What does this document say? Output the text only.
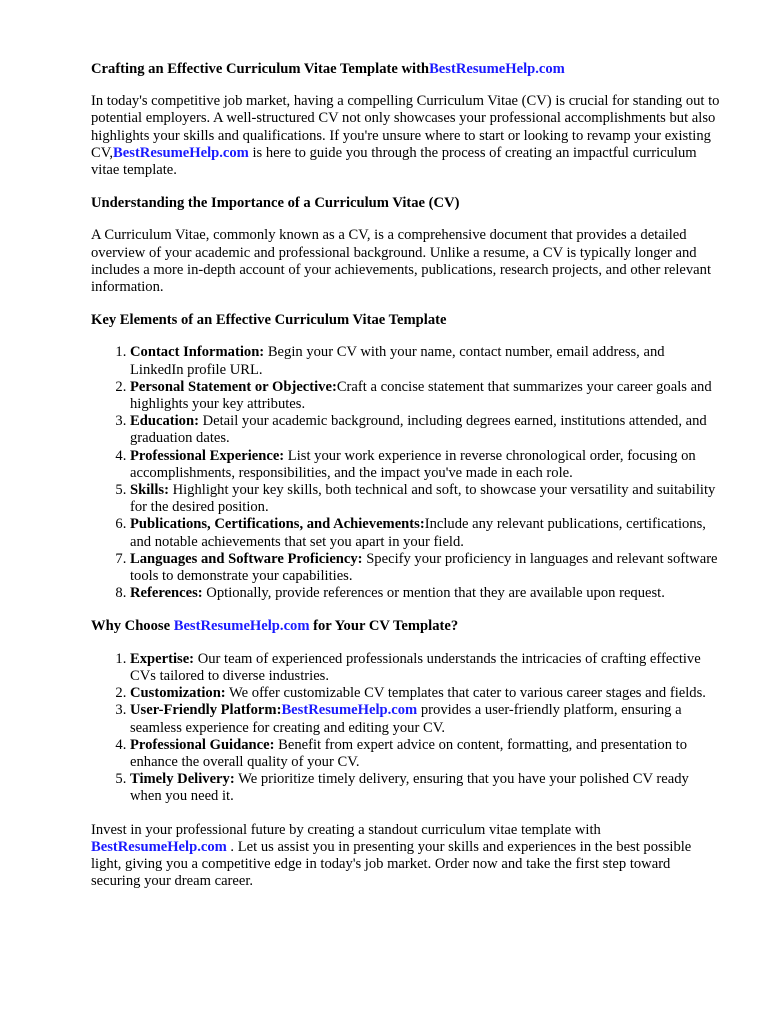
Crafting an Effective Curriculum Vitae Template withBestResumeHelp.com

In today's competitive job market, having a compelling Curriculum Vitae (CV) is crucial for standing out to potential employers. A well-structured CV not only showcases your professional accomplishments but also highlights your skills and qualifications. If you're unsure where to start or looking to revamp your existing CV,BestResumeHelp.com is here to guide you through the process of creating an impactful curriculum vitae template.

Understanding the Importance of a Curriculum Vitae (CV)

A Curriculum Vitae, commonly known as a CV, is a comprehensive document that provides a detailed overview of your academic and professional background. Unlike a resume, a CV is typically longer and includes a more in-depth account of your achievements, publications, research projects, and other relevant information.

Key Elements of an Effective Curriculum Vitae Template

1. Contact Information: Begin your CV with your name, contact number, email address, and LinkedIn profile URL.
2. Personal Statement or Objective:Craft a concise statement that summarizes your career goals and highlights your key attributes.
3. Education: Detail your academic background, including degrees earned, institutions attended, and graduation dates.
4. Professional Experience: List your work experience in reverse chronological order, focusing on accomplishments, responsibilities, and the impact you've made in each role.
5. Skills: Highlight your key skills, both technical and soft, to showcase your versatility and suitability for the desired position.
6. Publications, Certifications, and Achievements:Include any relevant publications, certifications, and notable achievements that set you apart in your field.
7. Languages and Software Proficiency: Specify your proficiency in languages and relevant software tools to demonstrate your capabilities.
8. References: Optionally, provide references or mention that they are available upon request.

Why Choose BestResumeHelp.com for Your CV Template?

1. Expertise: Our team of experienced professionals understands the intricacies of crafting effective CVs tailored to diverse industries.
2. Customization: We offer customizable CV templates that cater to various career stages and fields.
3. User-Friendly Platform:BestResumeHelp.com provides a user-friendly platform, ensuring a seamless experience for creating and editing your CV.
4. Professional Guidance: Benefit from expert advice on content, formatting, and presentation to enhance the overall quality of your CV.
5. Timely Delivery: We prioritize timely delivery, ensuring that you have your polished CV ready when you need it.

Invest in your professional future by creating a standout curriculum vitae template with BestResumeHelp.com . Let us assist you in presenting your skills and experiences in the best possible light, giving you a competitive edge in today's job market. Order now and take the first step toward securing your dream career.
